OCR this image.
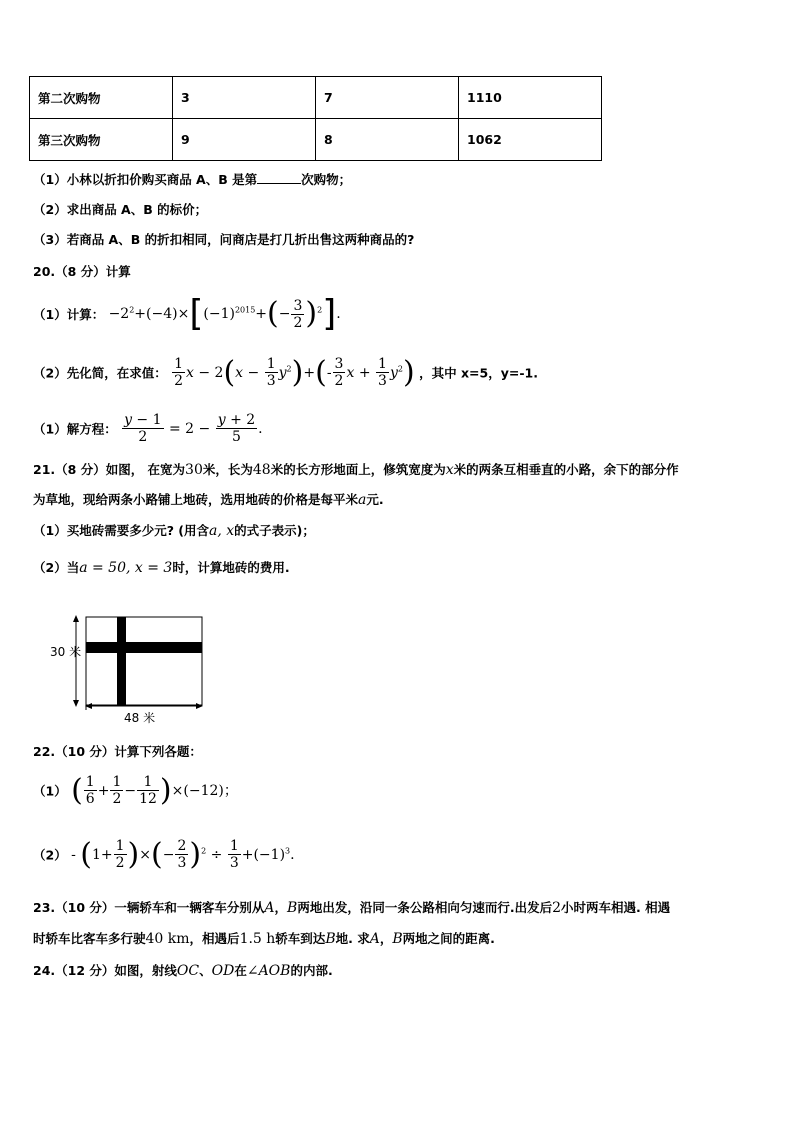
第二次购物	3	7	1110
第三次购物	9	8	1062
（1）小林以折扣价购买商品 A、B 是第	次购物；
（2）求出商品 A、B 的标价；
（3）若商品 A、B 的折扣相同，问商店是打几折出售这两种商品的?
20.（8 分）计算
（1）计算： $-2^2+(-4)\times[(-1)^{2015}+(- \frac{3}{2} )^2]$.
（2）先化简，在求值： $\frac{1}{2}$ $x - 2(x - \frac{1}{3} y^2)+(- \frac{3}{2}$ $x + \frac{1}{3} y^2$) ，其中 x=5，y=-1.
（1）解方程： $\frac{y - 1}{2} = 2 - \frac{y + 2}{5}$ .
21.（8 分）如图， 在宽为30米，长为48米的长方形地面上，修筑宽度为x米的两条互相垂直的小路，余下的部分作
为草地，现给两条小路铺上地砖，选用地砖的价格是每平米a元.
（1）买地砖需要多少元? (用含a, x的式子表示)；
（2）当a = 50, x = 3时，计算地砖的费用.
30 米
48 米
22.（10 分）计算下列各题：
（1） ( $\frac{1}{6} + \frac{1}{2} - \frac{1}{12} )\times(-12)$；
$(2) - (1+ \frac{1}{2}$ )×(− $\frac{2}{3} )^2 \div \frac{1}{3} +(-1)^3$.
23.（10 分）一辆轿车和一辆客车分别从A，B两地出发，沿同一条公路相向匀速而行.出发后2小时两车相遇. 相遇
时轿车比客车多行驶40 km，相遇后1.5 h轿车到达B地. 求A，B两地之间的距离.
24.（12 分）如图，射线OC、OD在∠AOB的内部.
